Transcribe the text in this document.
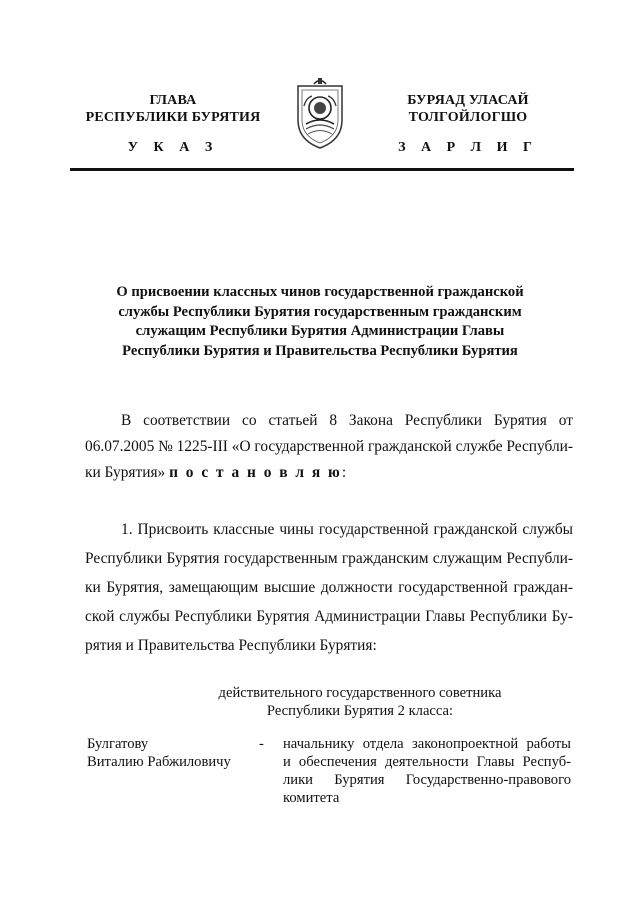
ГЛАВА
РЕСПУБЛИКИ БУРЯТИЯ
У К А З
БУРЯАД УЛАСАЙ
ТОЛГОЙЛОГШО
З А Р Л И Г
О присвоении классных чинов государственной гражданской
службы Республики Бурятия государственным гражданским
служащим Республики Бурятия Администрации Главы
Республики Бурятия и Правительства Республики Бурятия
В соответствии со статьей 8 Закона Республики Бурятия от
06.07.2005 № 1225-III «О государственной гражданской службе Республи-
ки Бурятия» п о с т а н о в л я ю:
1. Присвоить классные чины государственной гражданской службы
Республики Бурятия государственным гражданским служащим Республи-
ки Бурятия, замещающим высшие должности государственной граждан-
ской службы Республики Бурятия Администрации Главы Республики Бу-
рятия и Правительства Республики Бурятия:
действительного государственного советника
Республики Бурятия 2 класса:
Булгатову
Виталию Рабжиловичу
- начальнику отдела законопроектной работы
и обеспечения деятельности Главы Респуб-
лики Бурятия Государственно-правового
комитета
